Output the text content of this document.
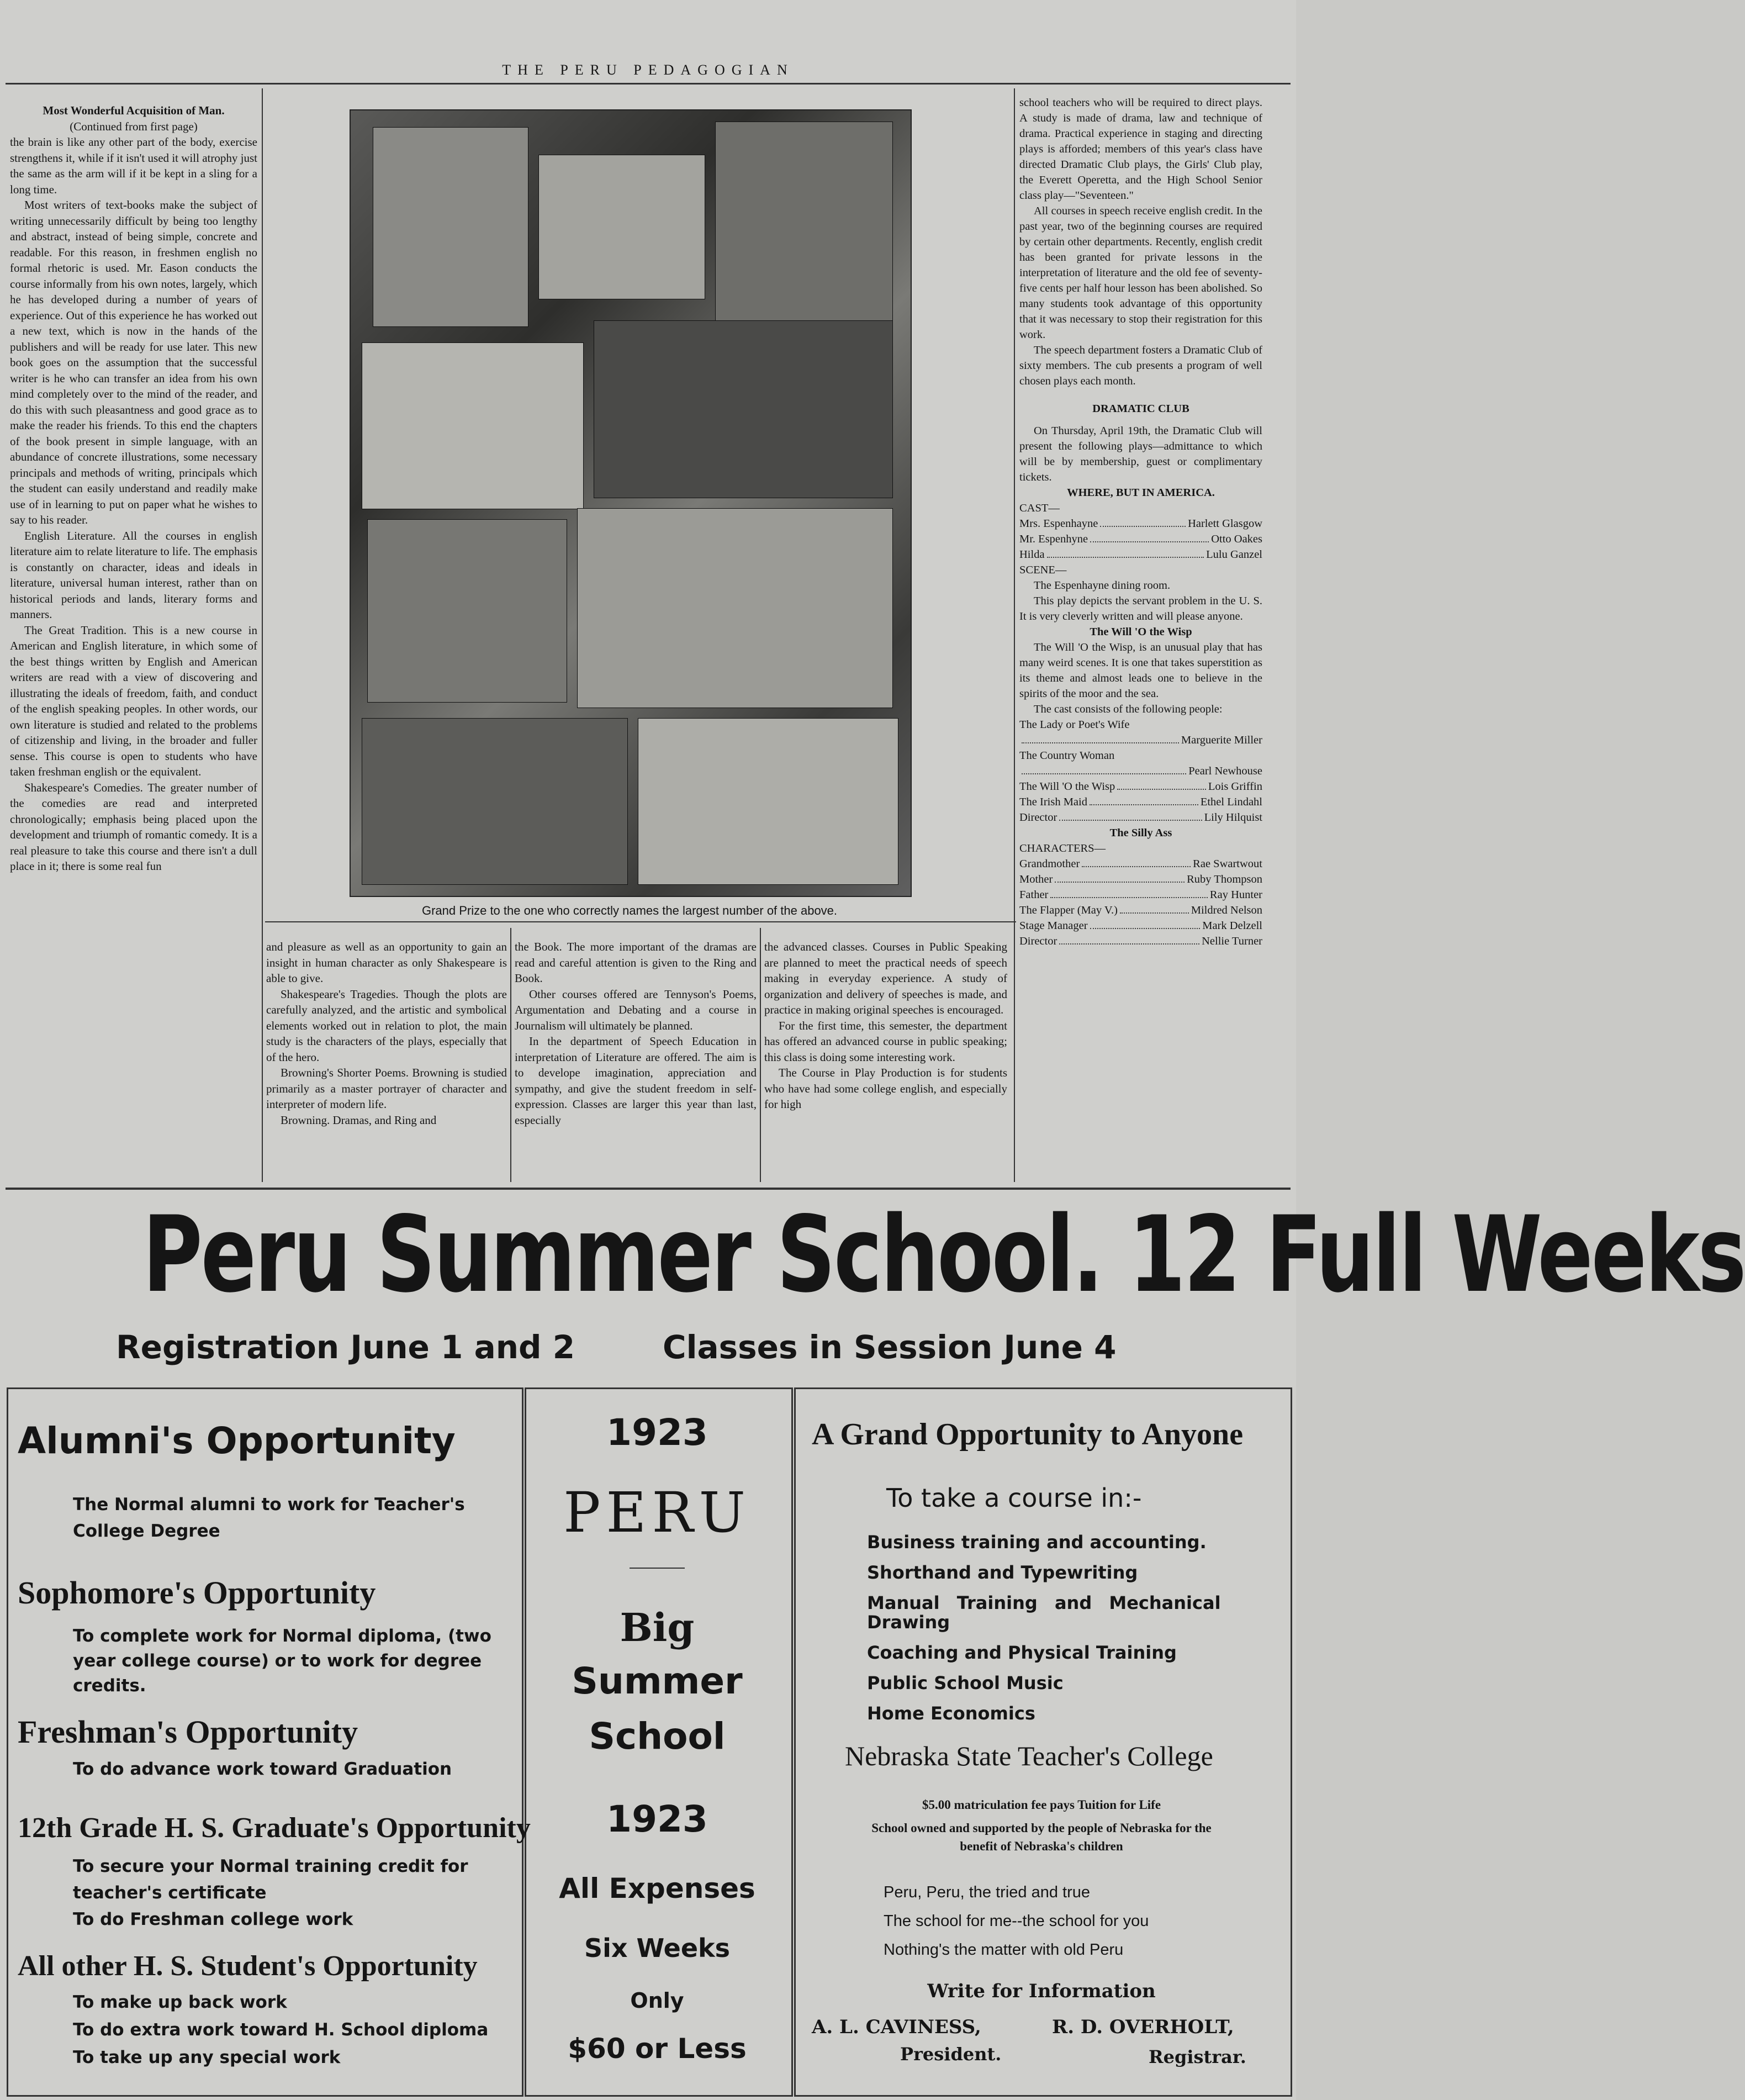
THE PERU PEDAGOGIAN

Most Wonderful Acquisition of Man.

(Continued from first page)

the brain is like any other part of the body, exercise strengthens it, while if it isn't used it will atrophy just the same as the arm will if it be kept in a sling for a long time.

Most writers of text-books make the subject of writing unnecessarily difficult by being too lengthy and abstract, instead of being simple, concrete and readable. For this reason, in freshmen english no formal rhetoric is used. Mr. Eason conducts the course informally from his own notes, largely, which he has developed during a number of years of experience. Out of this experience he has worked out a new text, which is now in the hands of the publishers and will be ready for use later. This new book goes on the assumption that the successful writer is he who can transfer an idea from his own mind completely over to the mind of the reader, and do this with such pleasantness and good grace as to make the reader his friends. To this end the chapters of the book present in simple language, with an abundance of concrete illustrations, some necessary principals and methods of writing, principals which the student can easily understand and readily make use of in learning to put on paper what he wishes to say to his reader.

English Literature. All the courses in english literature aim to relate literature to life. The emphasis is constantly on character, ideas and ideals in literature, universal human interest, rather than on historical periods and lands, literary forms and manners.

The Great Tradition. This is a new course in American and English literature, in which some of the best things written by English and American writers are read with a view of discovering and illustrating the ideals of freedom, faith, and conduct of the english speaking peoples. In other words, our own literature is studied and related to the problems of citizenship and living, in the broader and fuller sense. This course is open to students who have taken freshman english or the equivalent.

Shakespeare's Comedies. The greater number of the comedies are read and interpreted chronologically; emphasis being placed upon the development and triumph of romantic comedy. It is a real pleasure to take this course and there isn't a dull place in it; there is some real fun

Grand Prize to the one who correctly names the largest number of the above.

and pleasure as well as an opportunity to gain an insight in human character as only Shakespeare is able to give.

Shakespeare's Tragedies. Though the plots are carefully analyzed, and the artistic and symbolical elements worked out in relation to plot, the main study is the characters of the plays, especially that of the hero.

Browning's Shorter Poems. Browning is studied primarily as a master portrayer of character and interpreter of modern life.

Browning. Dramas, and Ring and

the Book. The more important of the dramas are read and careful attention is given to the Ring and Book.

Other courses offered are Tennyson's Poems, Argumentation and Debating and a course in Journalism will ultimately be planned.

In the department of Speech Education in interpretation of Literature are offered. The aim is to develope imagination, appreciation and sympathy, and give the student freedom in self-expression. Classes are larger this year than last, especially

the advanced classes. Courses in Public Speaking are planned to meet the practical needs of speech making in everyday experience. A study of organization and delivery of speeches is made, and practice in making original speeches is encouraged.

For the first time, this semester, the department has offered an advanced course in public speaking; this class is doing some interesting work.

The Course in Play Production is for students who have had some college english, and especially for high

school teachers who will be required to direct plays. A study is made of drama, law and technique of drama. Practical experience in staging and directing plays is afforded; members of this year's class have directed Dramatic Club plays, the Girls' Club play, the Everett Operetta, and the High School Senior class play—"Seventeen."

All courses in speech receive english credit. In the past year, two of the beginning courses are required by certain other departments. Recently, english credit has been granted for private lessons in the interpretation of literature and the old fee of seventy-five cents per half hour lesson has been abolished. So many students took advantage of this opportunity that it was necessary to stop their registration for this work.

The speech department fosters a Dramatic Club of sixty members. The cub presents a program of well chosen plays each month.

DRAMATIC CLUB

On Thursday, April 19th, the Dramatic Club will present the following plays—admittance to which will be by membership, guest or complimentary tickets.

WHERE, BUT IN AMERICA.

CAST—

Mrs. Espenhayne	Harlett Glasgow
Mr. Espenhyne	Otto Oakes
Hilda	Lulu Ganzel

SCENE—

The Espenhayne dining room.

This play depicts the servant problem in the U. S. It is very cleverly written and will please anyone.

The Will 'O the Wisp

The Will 'O the Wisp, is an unusual play that has many weird scenes. It is one that takes superstition as its theme and almost leads one to believe in the spirits of the moor and the sea.

The cast consists of the following people:

The Lady or Poet's Wife
Marguerite Miller
The Country Woman
Pearl Newhouse
The Will 'O the Wisp	Lois Griffin
The Irish Maid	Ethel Lindahl
Director	Lily Hilquist

The Silly Ass

CHARACTERS—

Grandmother	Rae Swartwout
Mother	Ruby Thompson
Father	Ray Hunter
The Flapper (May V.)	Mildred Nelson
Stage Manager	Mark Delzell
Director	Nellie Turner
Peru Summer School. 12 Full Weeks
Registration June 1 and 2	Classes in Session June 4
Alumni's Opportunity
The Normal alumni to work for Teacher's
College Degree
Sophomore's Opportunity
To complete work for Normal diploma, (two
year college course) or to work for degree
credits.
Freshman's Opportunity
To do advance work toward Graduation
12th Grade H. S. Graduate's Opportunity
To secure your Normal training credit for
teacher's certificate
To do Freshman college work
All other H. S. Student's Opportunity
To make up back work
To do extra work toward H. School diploma
To take up any special work
1923
PERU
Big
Summer
School
1923
All Expenses
Six Weeks
Only
$60 or Less
A Grand Opportunity to Anyone
To take a course in:-
Business training and accounting.
Shorthand and Typewriting
Manual Training and Mechanical
Drawing
Coaching and Physical Training
Public School Music
Home Economics
Nebraska State Teacher's College
$5.00 matriculation fee pays Tuition for Life
School owned and supported by the people of Nebraska for the
benefit of Nebraska's children
Peru, Peru, the tried and true
The school for me--the school for you
Nothing's the matter with old Peru
Write for Information
A. L. CAVINESS,
President.
R. D. OVERHOLT,
Registrar.
